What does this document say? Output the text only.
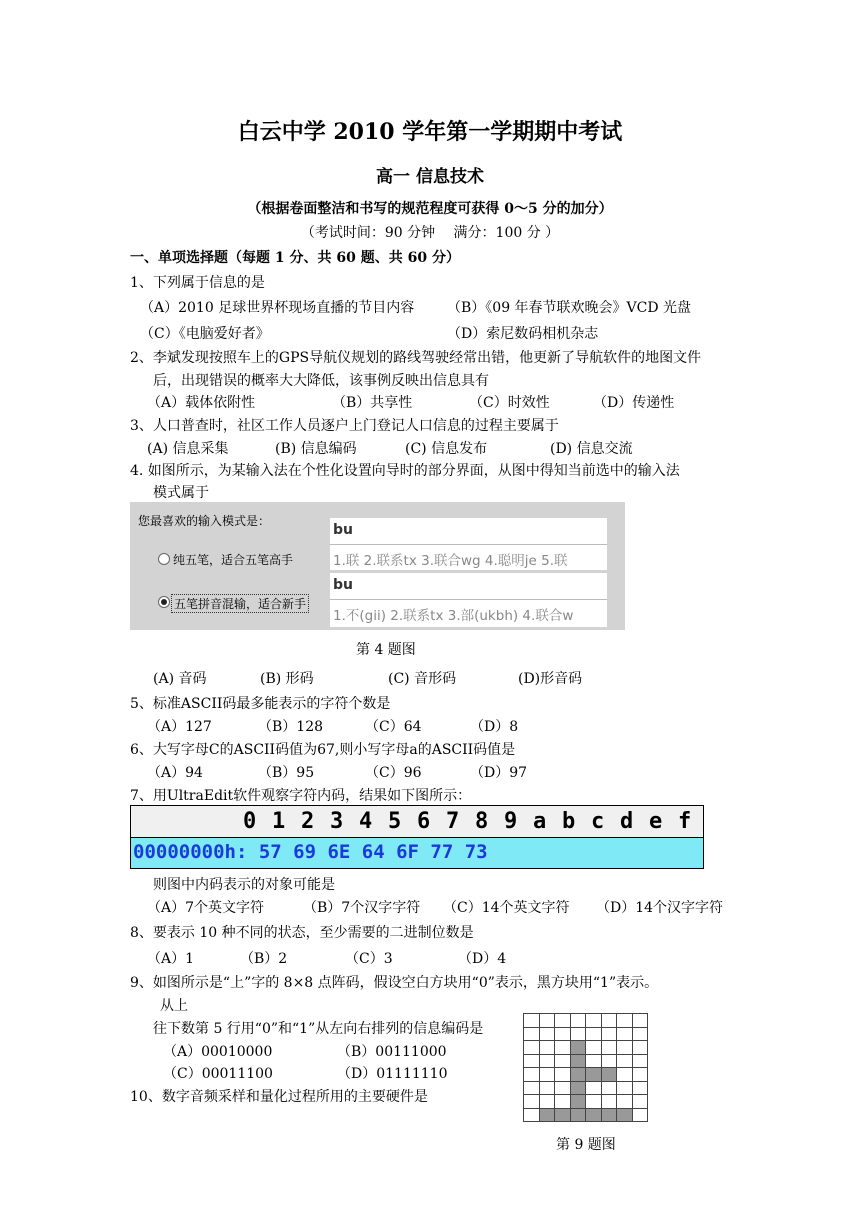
白云中学 2010 学年第一学期期中考试
高一 信息技术
（根据卷面整洁和书写的规范程度可获得 0～5 分的加分）
（考试时间：90 分钟　 满分：100 分 ）
一、单项选择题（每题 1 分、共 60 题、共 60 分）
1、下列属于信息的是
（A）2010 足球世界杯现场直播的节目内容 （B）《09 年春节联欢晚会》VCD 光盘
（C）《电脑爱好者》	（D）索尼数码相机杂志
2、李斌发现按照车上的GPS导航仪规划的路线驾驶经常出错，他更新了导航软件的地图文件
后，出现错误的概率大大降低，该事例反映出信息具有
（A）载体依附性	（B）共享性	（C）时效性	（D）传递性
3、人口普查时，社区工作人员逐户上门登记人口信息的过程主要属于
(A) 信息采集	(B) 信息编码	(C) 信息发布	(D) 信息交流
4. 如图所示，为某输入法在个性化设置向导时的部分界面，从图中得知当前选中的输入法
模式属于
您最喜欢的输入模式是：
纯五笔，适合五笔高手
五笔拼音混输，适合新手
bu
1.联 2.联系tx 3.联合wg 4.聪明je 5.联
bu
1.不(gii) 2.联系tx 3.部(ukbh) 4.联合w
第 4 题图
(A) 音码	(B) 形码	(C) 音形码	(D)形音码
5、标准ASCII码最多能表示的字符个数是
（A）127	（B）128	（C）64	（D）8
6、大写字母C的ASCII码值为67,则小写字母a的ASCII码值是
（A）94	（B）95	（C）96	（D）97
7、用UltraEdit软件观察字符内码，结果如下图所示：
0 1 2 3 4 5 6 7 8 9 a b c d e f
00000000h: 57 69 6E 64 6F 77 73
则图中内码表示的对象可能是
（A）7个英文字符	（B）7个汉字字符 （C）14个英文字符 （D）14个汉字字符
8、要表示 10 种不同的状态，至少需要的二进制位数是
（A）1	（B）2	（C）3	（D）4
9、如图所示是“上”字的 8×8 点阵码，假设空白方块用“0”表示，黑方块用“1”表示。
从上
往下数第 5 行用“0”和“1”从左向右排列的信息编码是
（A）00010000	（B）00111000
（C）00011100	（D）01111110
第 9 题图
10、数字音频采样和量化过程所用的主要硬件是
